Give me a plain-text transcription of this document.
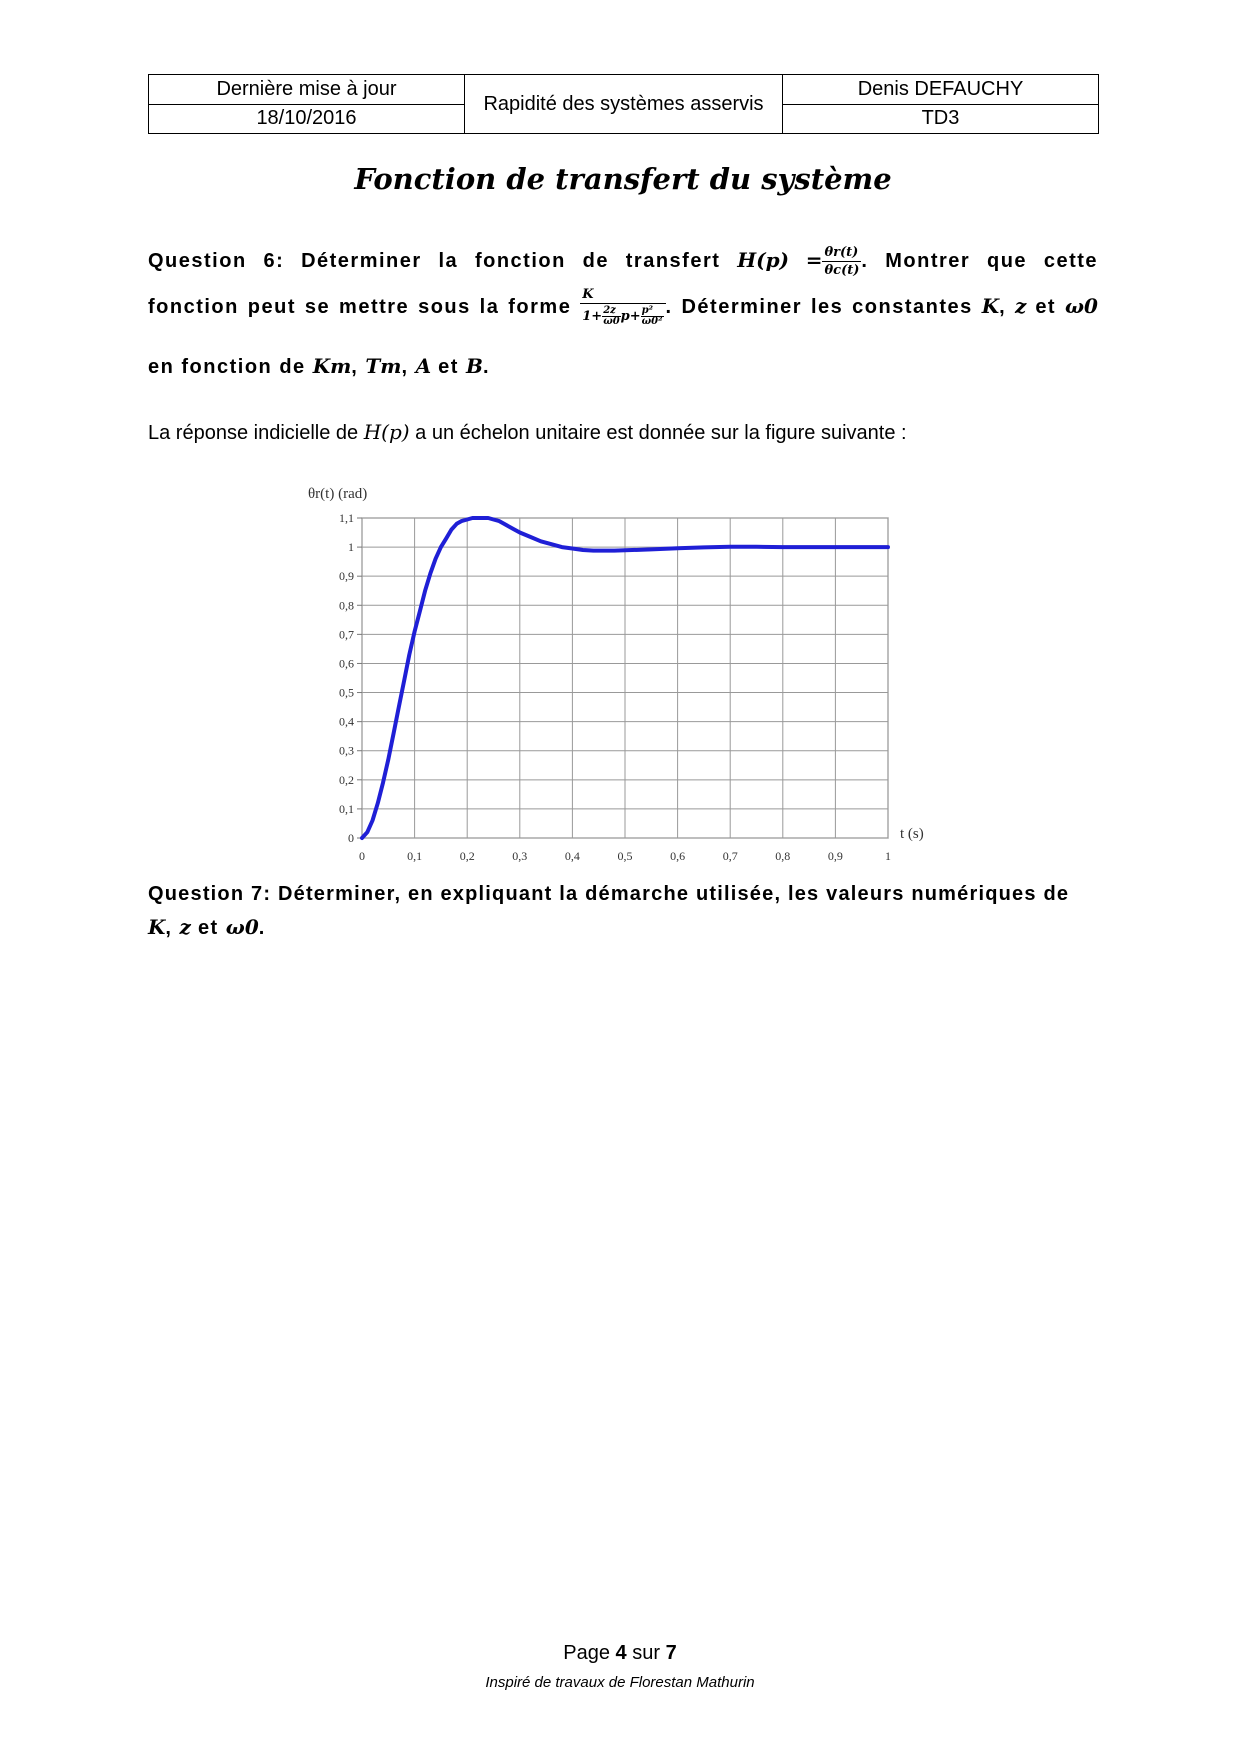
Dernière mise à jour	Rapidité des systèmes asservis	Denis DEFAUCHY
18/10/2016		TD3
Fonction de transfert du système
Question 6: Déterminer la fonction de transfert $H(p) = \frac{\theta r(t)}{\theta c(t)}$ . Montrer que cette
fonction peut se mettre sous la forme $\frac{K}{1+ \frac{2z}{\omega 0} p+ \frac{\text{p²}}{\text{ω0²}}}$ . Déterminer les constantes K, z et ω0
en fonction de Km, Tm, A et B.
La réponse indicielle de H(p) a un échelon unitaire est donnée sur la figure suivante :
θr(t) (rad)
t (s)
0	0,1	0,2	0,3	0,4	0,5	0,6	0,7	0,8	0,9	1
0
0,1
0,2
0,3
0,4
0,5
0,6
0,7
0,8
0,9
1
1,1
Question 7: Déterminer, en expliquant la démarche utilisée, les valeurs numériques de
K, z et ω0.
Page 4 sur 7
Inspiré de travaux de Florestan Mathurin
